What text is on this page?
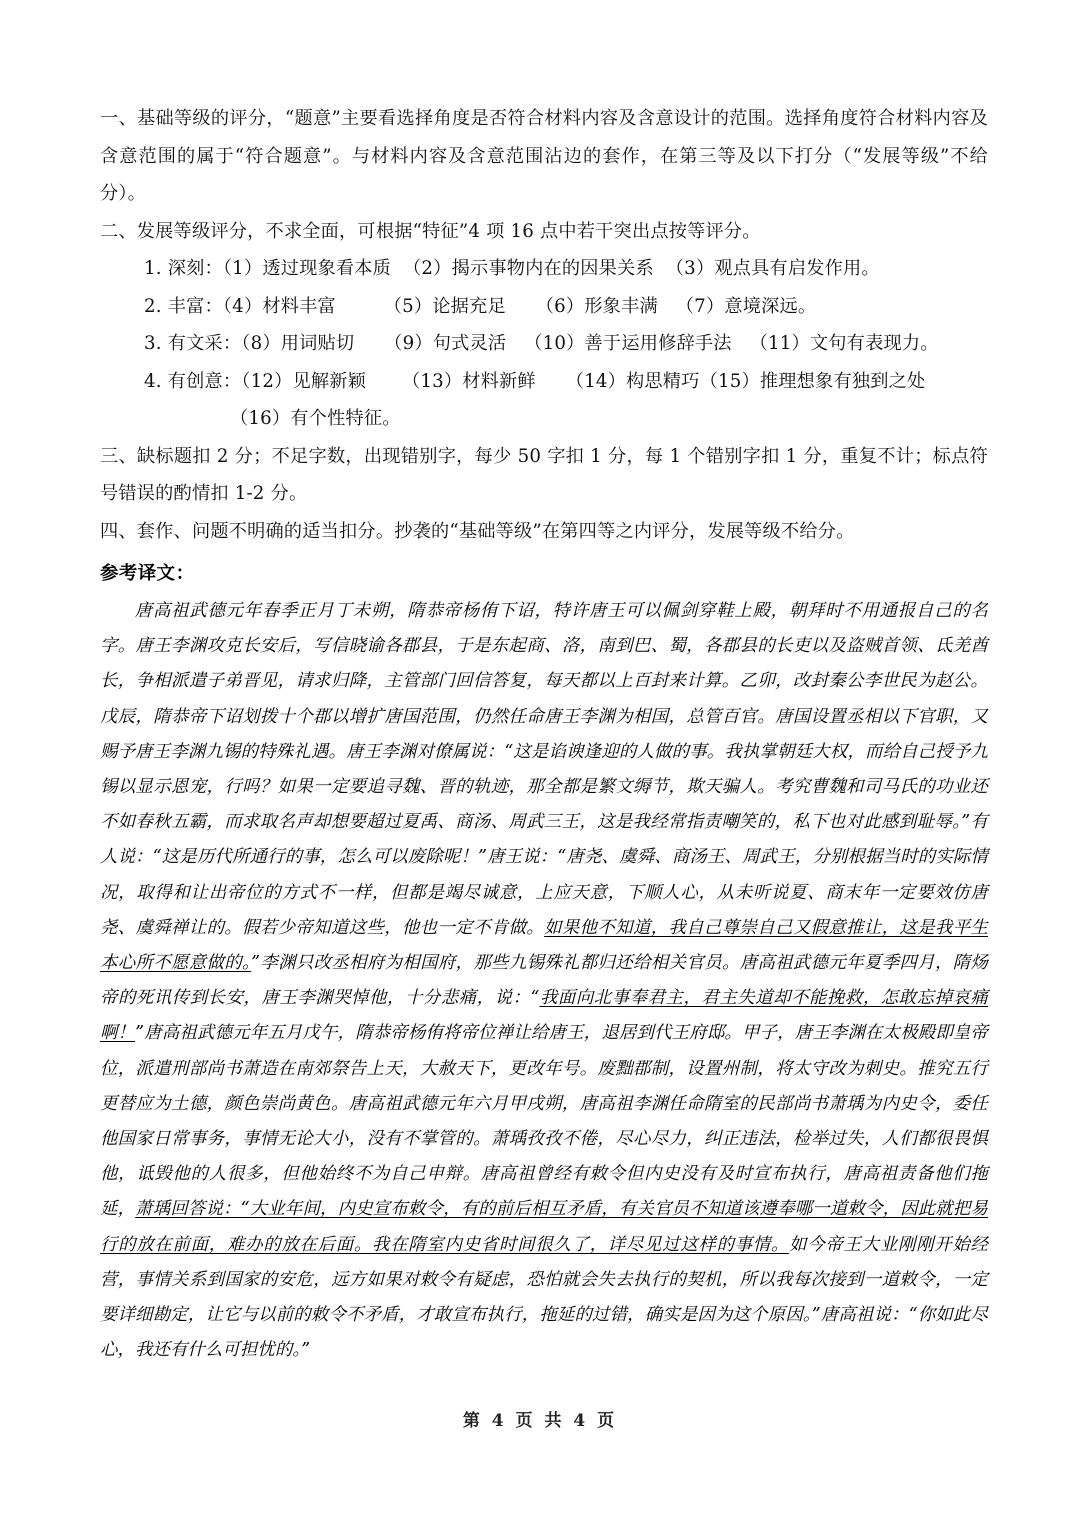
一、基础等级的评分，“题意”主要看选择角度是否符合材料内容及含意设计的范围。选择角度符合材料内容及含意范围的属于“符合题意”。与材料内容及含意范围沾边的套作，在第三等及以下打分（“发展等级”不给分）。

二、发展等级评分，不求全面，可根据“特征”4 项 16 点中若干突出点按等评分。

1. 深刻：（1）透过现象看本质  （2）揭示事物内在的因果关系  （3）观点具有启发作用。

2. 丰富：（4）材料丰富        （5）论据充足     （6）形象丰满   （7）意境深远。

3. 有文采：（8）用词贴切     （9）句式灵活   （10）善于运用修辞手法   （11）文句有表现力。

4. 有创意：（12）见解新颖      （13）材料新鲜     （14）构思精巧（15）推理想象有独到之处

（16）有个性特征。

三、缺标题扣 2 分；不足字数，出现错别字，每少 50 字扣 1 分，每 1 个错别字扣 1 分，重复不计；标点符号错误的酌情扣 1-2 分。

四、套作、问题不明确的适当扣分。抄袭的“基础等级”在第四等之内评分，发展等级不给分。

参考译文：

唐高祖武德元年春季正月丁未朔，隋恭帝杨侑下诏，特许唐王可以佩剑穿鞋上殿，朝拜时不用通报自己的名字。唐王李渊攻克长安后，写信晓谕各郡县，于是东起商、洛，南到巴、蜀，各郡县的长吏以及盗贼首领、氐羌酋长，争相派遣子弟晋见，请求归降，主管部门回信答复，每天都以上百封来计算。乙卯，改封秦公李世民为赵公。戊辰，隋恭帝下诏划拨十个郡以增扩唐国范围，仍然任命唐王李渊为相国，总管百官。唐国设置丞相以下官职，又赐予唐王李渊九锡的特殊礼遇。唐王李渊对僚属说：“这是谄谀逢迎的人做的事。我执掌朝廷大权，而给自己授予九锡以显示恩宠，行吗？如果一定要追寻魏、晋的轨迹，那全都是繁文缛节，欺天骗人。考究曹魏和司马氏的功业还不如春秋五霸，而求取名声却想要超过夏禹、商汤、周武三王，这是我经常指责嘲笑的，私下也对此感到耻辱。”有人说：“这是历代所通行的事，怎么可以废除呢！”唐王说：“唐尧、虞舜、商汤王、周武王，分别根据当时的实际情况，取得和让出帝位的方式不一样，但都是竭尽诚意，上应天意，下顺人心，从未听说夏、商末年一定要效仿唐尧、虞舜禅让的。假若少帝知道这些，他也一定不肯做。如果他不知道，我自己尊崇自己又假意推让，这是我平生本心所不愿意做的。”李渊只改丞相府为相国府，那些九锡殊礼都归还给相关官员。唐高祖武德元年夏季四月，隋炀帝的死讯传到长安，唐王李渊哭悼他，十分悲痛，说：“我面向北事奉君主，君主失道却不能挽救，怎敢忘掉哀痛啊！”唐高祖武德元年五月戊午，隋恭帝杨侑将帝位禅让给唐王，退居到代王府邸。甲子，唐王李渊在太极殿即皇帝位，派遣刑部尚书萧造在南郊祭告上天，大赦天下，更改年号。废黜郡制，设置州制，将太守改为刺史。推究五行更替应为土德，颜色崇尚黄色。唐高祖武德元年六月甲戌朔，唐高祖李渊任命隋室的民部尚书萧瑀为内史令，委任他国家日常事务，事情无论大小，没有不掌管的。萧瑀孜孜不倦，尽心尽力，纠正违法，检举过失，人们都很畏惧他，诋毁他的人很多，但他始终不为自己申辩。唐高祖曾经有敕令但内史没有及时宣布执行，唐高祖责备他们拖延，萧瑀回答说：“大业年间，内史宣布敕令，有的前后相互矛盾，有关官员不知道该遵奉哪一道敕令，因此就把易行的放在前面，难办的放在后面。我在隋室内史省时间很久了，详尽见过这样的事情。如今帝王大业刚刚开始经营，事情关系到国家的安危，远方如果对敕令有疑虑，恐怕就会失去执行的契机，所以我每次接到一道敕令，一定要详细勘定，让它与以前的敕令不矛盾，才敢宣布执行，拖延的过错，确实是因为这个原因。”唐高祖说：“你如此尽心，我还有什么可担忧的。”

第 4 页 共 4 页
